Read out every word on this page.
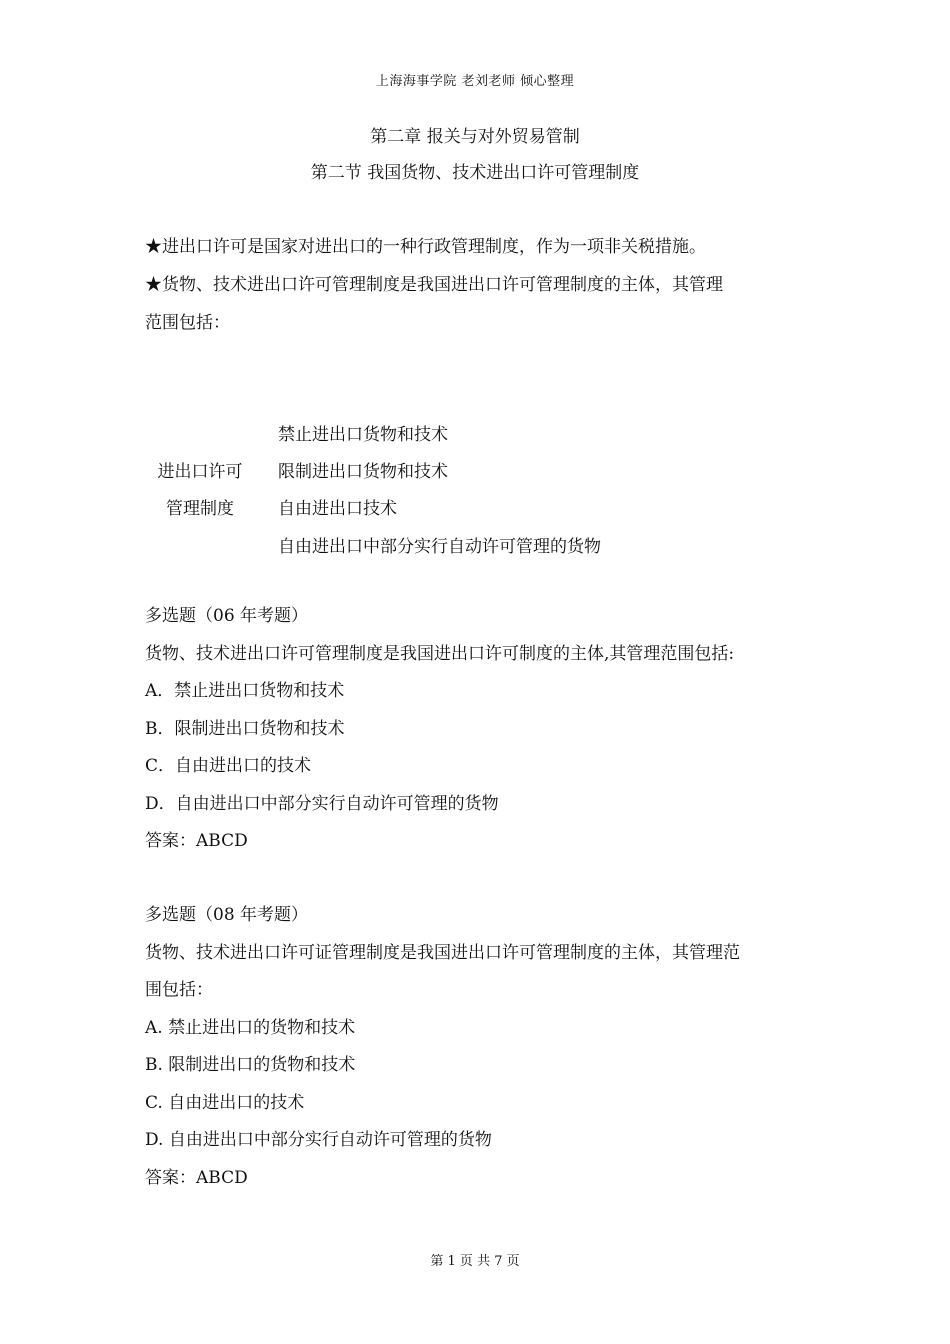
上海海事学院 老刘老师 倾心整理
第二章 报关与对外贸易管制
第二节 我国货物、技术进出口许可管理制度
★进出口许可是国家对进出口的一种行政管理制度，作为一项非关税措施。
★货物、技术进出口许可管理制度是我国进出口许可管理制度的主体，其管理
范围包括：
进出口许可
管理制度
禁止进出口货物和技术
限制进出口货物和技术
自由进出口技术
自由进出口中部分实行自动许可管理的货物
多选题（06 年考题）
货物、技术进出口许可管理制度是我国进出口许可制度的主体,其管理范围包括:
A．禁止进出口货物和技术
B．限制进出口货物和技术
C．自由进出口的技术
D．自由进出口中部分实行自动许可管理的货物
答案：ABCD
多选题（08 年考题）
货物、技术进出口许可证管理制度是我国进出口许可管理制度的主体，其管理范
围包括：
A. 禁止进出口的货物和技术
B. 限制进出口的货物和技术
C. 自由进出口的技术
D. 自由进出口中部分实行自动许可管理的货物
答案：ABCD
第 1 页 共 7 页
